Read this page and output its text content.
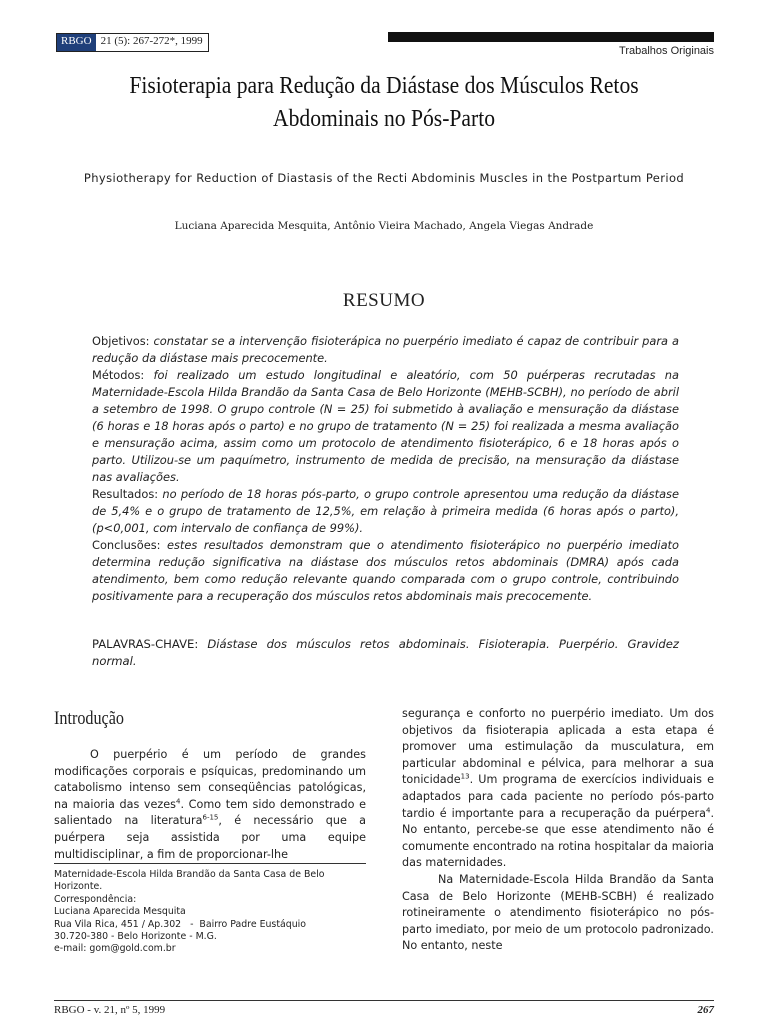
RBGO 21 (5): 267-272*, 1999
Trabalhos Originais
Fisioterapia para Redução da Diástase dos Músculos Retos
Abdominais no Pós-Parto
Physiotherapy for Reduction of Diastasis of the Recti Abdominis Muscles in the Postpartum Period
Luciana Aparecida Mesquita, Antônio Vieira Machado, Angela Viegas Andrade
RESUMO

Objetivos: constatar se a intervenção fisioterápica no puerpério imediato é capaz de contribuir para a redução da diástase mais precocemente.

Métodos: foi realizado um estudo longitudinal e aleatório, com 50 puérperas recrutadas na Maternidade-Escola Hilda Brandão da Santa Casa de Belo Horizonte (MEHB-SCBH), no período de abril a setembro de 1998. O grupo controle (N = 25) foi submetido à avaliação e mensuração da diástase (6 horas e 18 horas após o parto) e no grupo de tratamento (N = 25) foi realizada a mesma avaliação e mensuração acima, assim como um protocolo de atendimento fisioterápico, 6 e 18 horas após o parto. Utilizou-se um paquímetro, instrumento de medida de precisão, na mensuração da diástase nas avaliações.

Resultados: no período de 18 horas pós-parto, o grupo controle apresentou uma redução da diástase de 5,4% e o grupo de tratamento de 12,5%, em relação à primeira medida (6 horas após o parto), (p<0,001, com intervalo de confiança de 99%).

Conclusões: estes resultados demonstram que o atendimento fisioterápico no puerpério imediato determina redução significativa na diástase dos músculos retos abdominais (DMRA) após cada atendimento, bem como redução relevante quando comparada com o grupo controle, contribuindo positivamente para a recuperação dos músculos retos abdominais mais precocemente.

PALAVRAS-CHAVE: Diástase dos músculos retos abdominais. Fisioterapia. Puerpério. Gravidez normal.
Introdução

O puerpério é um período de grandes modificações corporais e psíquicas, predominando um catabolismo intenso sem conseqüências patológicas, na maioria das vezes$^4$. Como tem sido demonstrado e salientado na literatura$^{6-15}$, é necessário que a puérpera seja assistida por uma equipe multidisciplinar, a fim de proporcionar-lhe

segurança e conforto no puerpério imediato. Um dos objetivos da fisioterapia aplicada a esta etapa é promover uma estimulação da musculatura, em particular abdominal e pélvica, para melhorar a sua tonicidade$^{13}$. Um programa de exercícios individuais e adaptados para cada paciente no período pós-parto tardio é importante para a recuperação da puérpera$^4$. No entanto, percebe-se que esse atendimento não é comumente encontrado na rotina hospitalar da maioria das maternidades.

Na Maternidade-Escola Hilda Brandão da Santa Casa de Belo Horizonte (MEHB-SCBH) é realizado rotineiramente o atendimento fisioterápico no pós-parto imediato, por meio de um protocolo padronizado. No entanto, neste

Maternidade-Escola Hilda Brandão da Santa Casa de Belo
Horizonte.
Correspondência:
Luciana Aparecida Mesquita
Rua Vila Rica, 451 / Ap.302   -  Bairro Padre Eustáquio
30.720-380 - Belo Horizonte - M.G.
e-mail: gom@gold.com.br
RBGO - v. 21, nº 5, 1999	267
